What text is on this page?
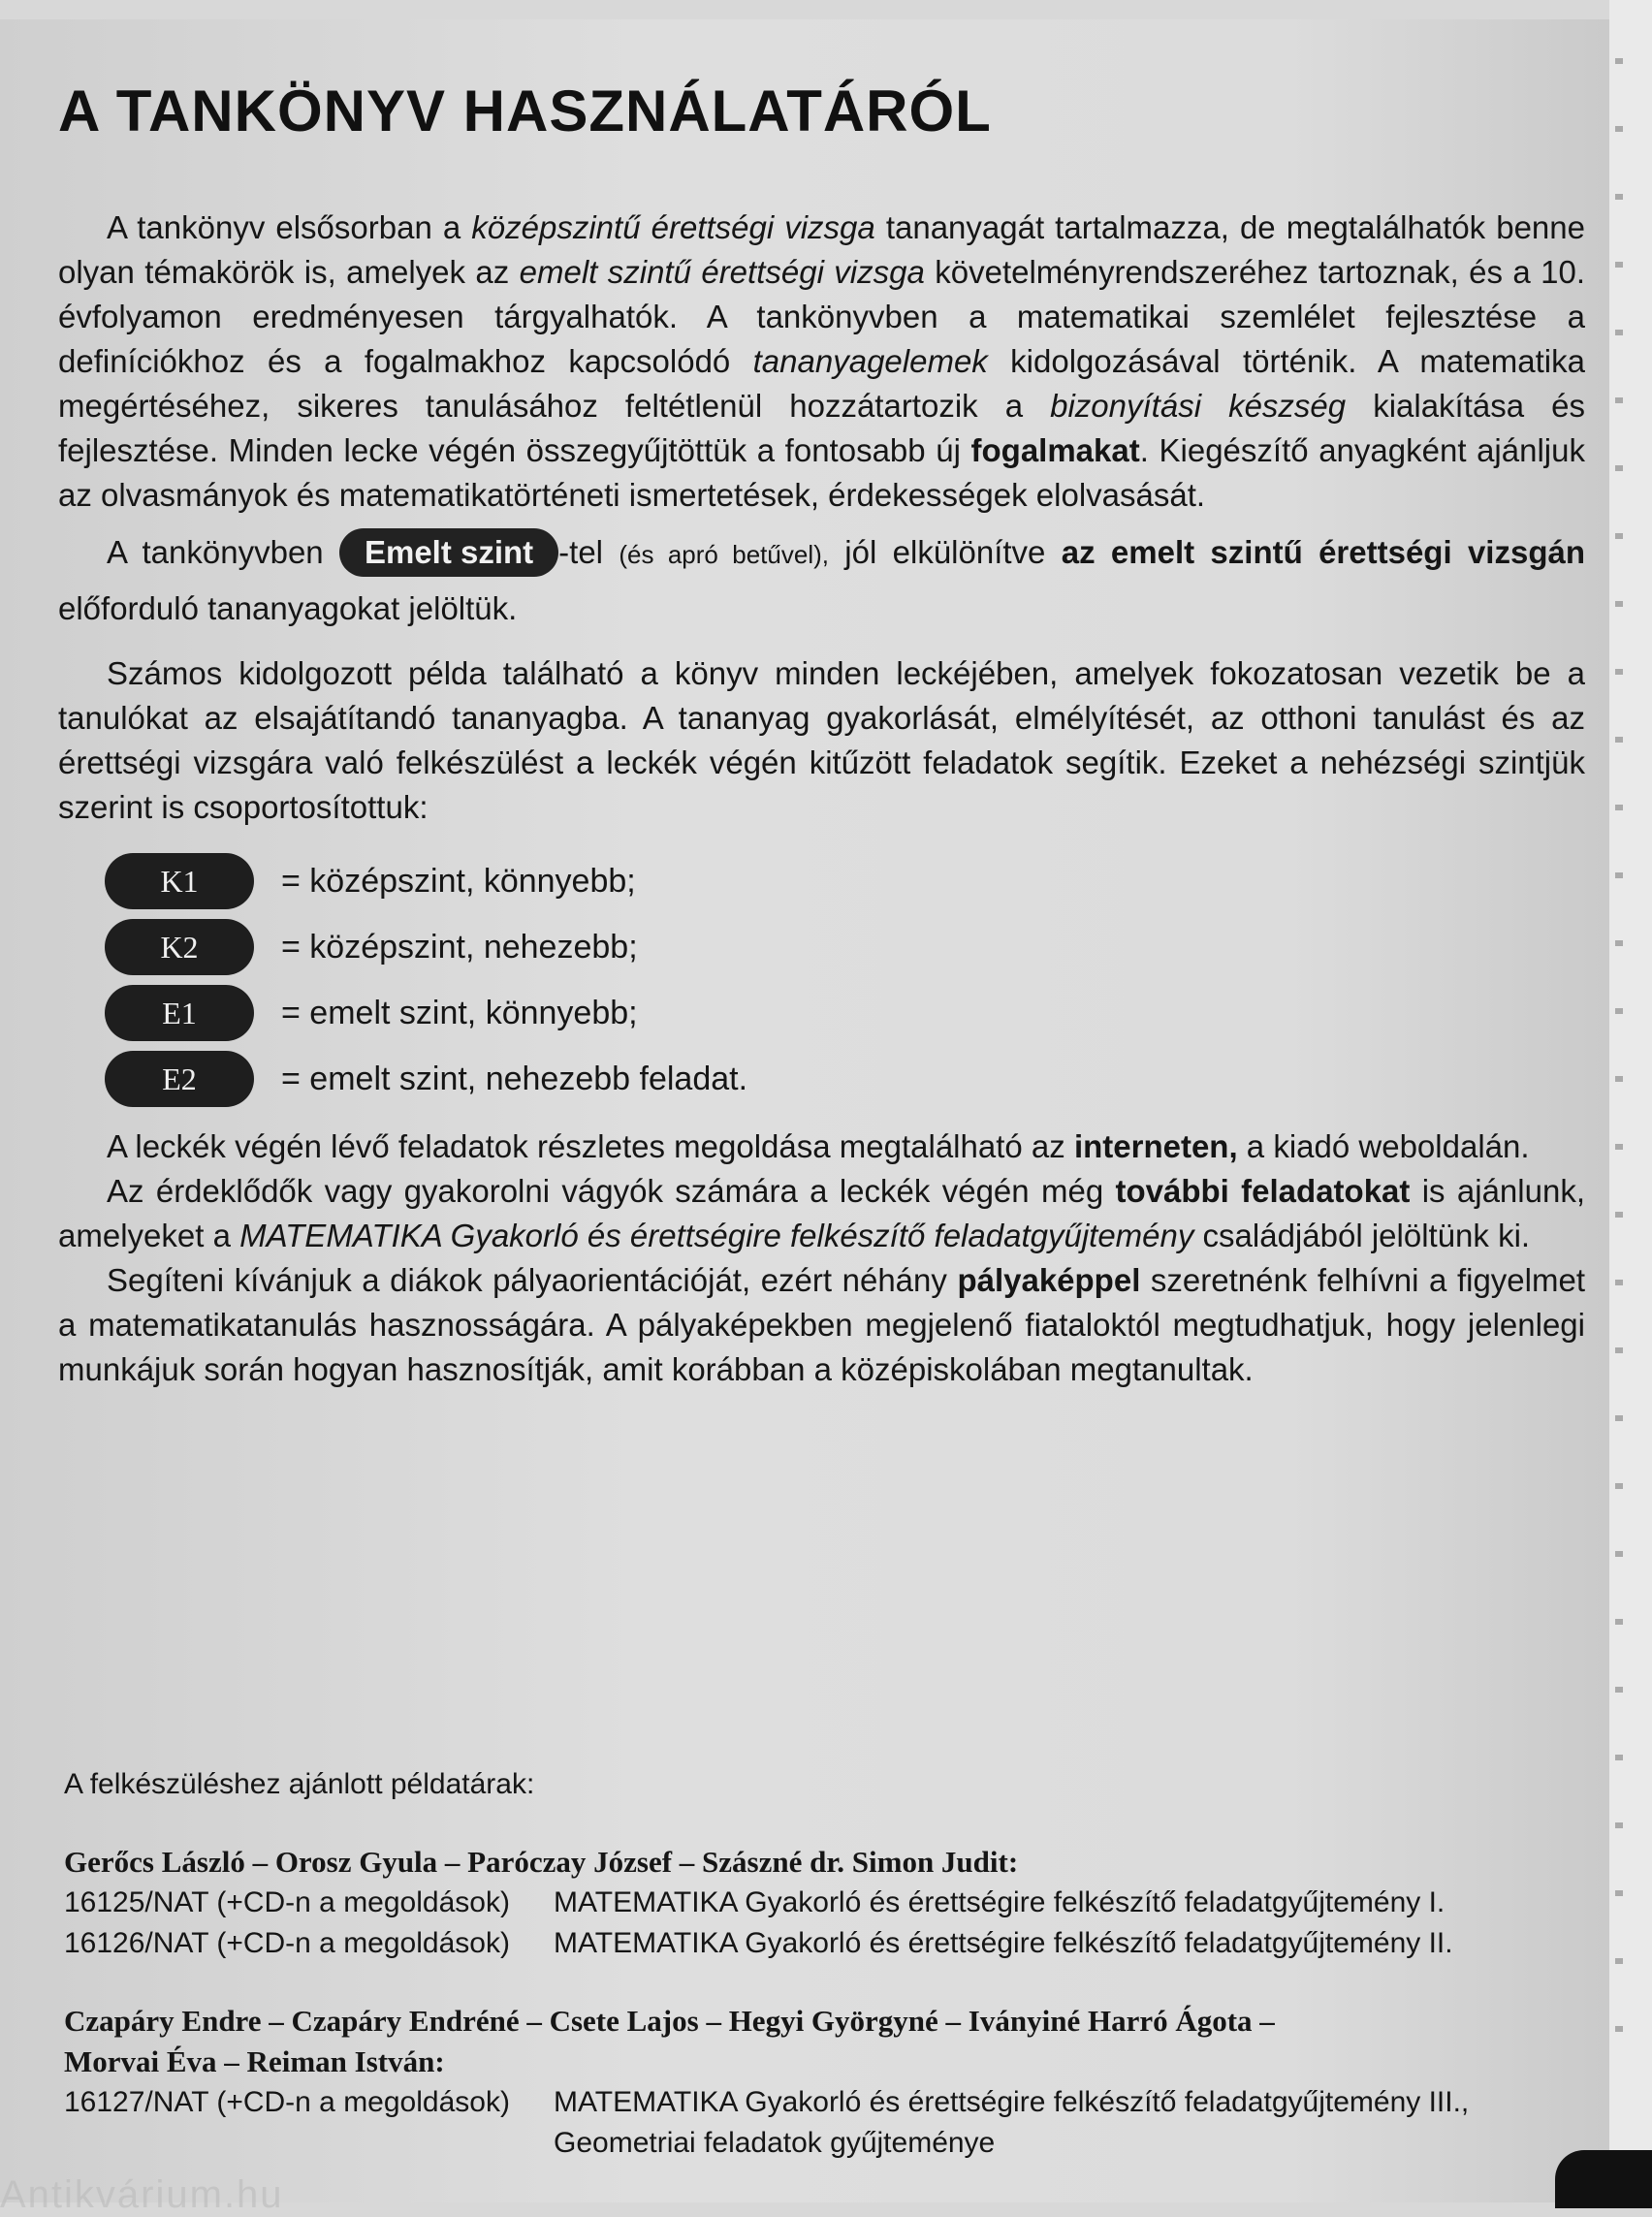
A TANKÖNYV HASZNÁLATÁRÓL

A tankönyv elsősorban a középszintű érettségi vizsga tananyagát tartalmazza, de megtalálhatók benne olyan témakörök is, amelyek az emelt szintű érettségi vizsga követelményrendszeréhez tartoznak, és a 10. évfolyamon eredményesen tárgyalhatók. A tankönyvben a matematikai szemlélet fejlesztése a definíciókhoz és a fogalmakhoz kapcsolódó tananyagelemek kidolgozásával történik. A matematika megértéséhez, sikeres tanulásához feltétlenül hozzátartozik a bizonyítási készség kialakítása és fejlesztése. Minden lecke végén összegyűjtöttük a fontosabb új fogalmakat. Kiegészítő anyagként ajánljuk az olvasmányok és matematikatörténeti ismertetések, érdekességek elolvasását.

A tankönyvben Emelt szint -tel (és apró betűvel), jól elkülönítve az emelt szintű érettségi vizsgán előforduló tananyagokat jelöltük.

Számos kidolgozott példa található a könyv minden leckéjében, amelyek fokozatosan vezetik be a tanulókat az elsajátítandó tananyagba. A tananyag gyakorlását, elmélyítését, az otthoni tanulást és az érettségi vizsgára való felkészülést a leckék végén kitűzött feladatok segítik. Ezeket a nehézségi szintjük szerint is csoportosítottuk:

K1	= középszint, könnyebb;
K2	= középszint, nehezebb;
E1	= emelt szint, könnyebb;
E2	= emelt szint, nehezebb feladat.

A leckék végén lévő feladatok részletes megoldása megtalálható az interneten, a kiadó weboldalán.

Az érdeklődők vagy gyakorolni vágyók számára a leckék végén még további feladatokat is ajánlunk, amelyeket a MATEMATIKA Gyakorló és érettségire felkészítő feladatgyűjtemény családjából jelöltünk ki.

Segíteni kívánjuk a diákok pályaorientációját, ezért néhány pályaképpel szeretnénk felhívni a figyelmet a matematikatanulás hasznosságára. A pályaképekben megjelenő fiataloktól megtudhatjuk, hogy jelenlegi munkájuk során hogyan hasznosítják, amit korábban a középiskolában megtanultak.

A felkészüléshez ajánlott példatárak:
Gerőcs László – Orosz Gyula – Paróczay József – Szászné dr. Simon Judit:
16125/NAT (+CD-n a megoldások)	MATEMATIKA Gyakorló és érettségire felkészítő feladatgyűjtemény I.
16126/NAT (+CD-n a megoldások)	MATEMATIKA Gyakorló és érettségire felkészítő feladatgyűjtemény II.
Czapáry Endre – Czapáry Endréné – Csete Lajos – Hegyi Györgyné – Iványiné Harró Ágota –
Morvai Éva – Reiman István:
16127/NAT (+CD-n a megoldások)	MATEMATIKA Gyakorló és érettségire felkészítő feladatgyűjtemény III., Geometriai feladatok gyűjteménye
Antikvárium.hu
